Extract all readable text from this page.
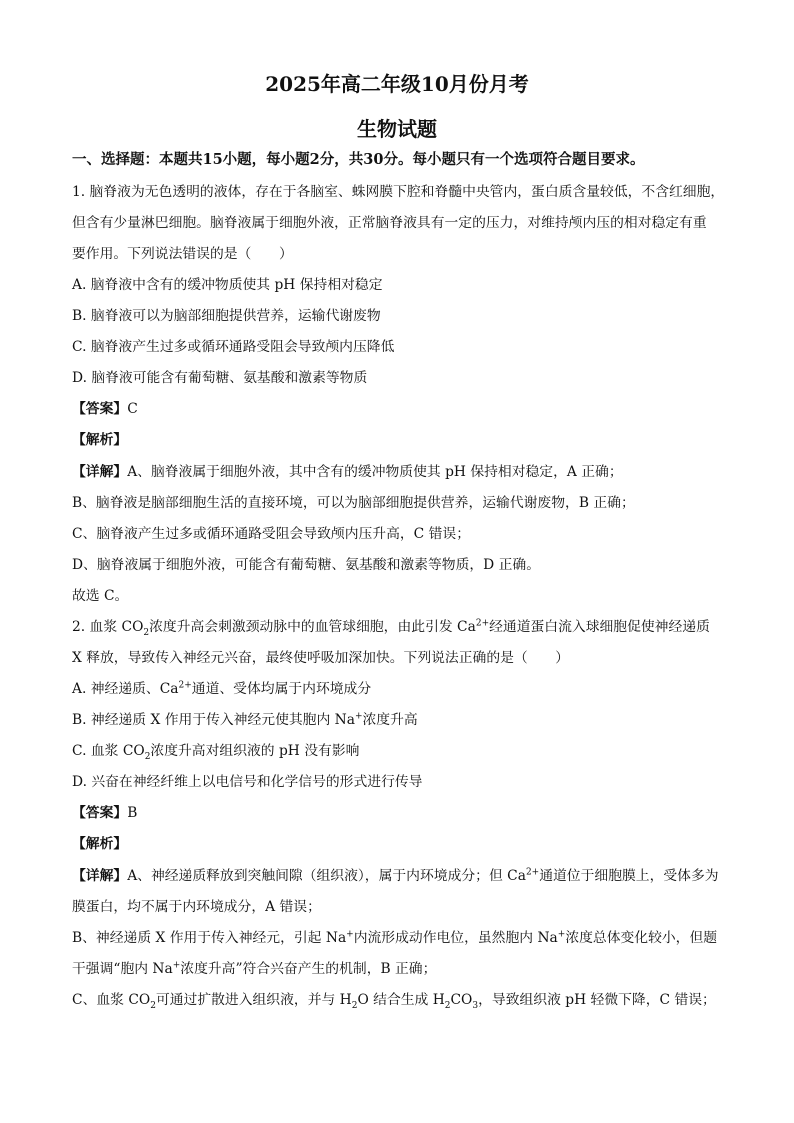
2025年高二年级10月份月考
生物试题
一、选择题：本题共15小题，每小题2分，共30分。每小题只有一个选项符合题目要求。
1. 脑脊液为无色透明的液体，存在于各脑室、蛛网膜下腔和脊髓中央管内，蛋白质含量较低，不含红细胞，
但含有少量淋巴细胞。脑脊液属于细胞外液，正常脑脊液具有一定的压力，对维持颅内压的相对稳定有重
要作用。下列说法错误的是（　　）
A. 脑脊液中含有的缓冲物质使其 pH 保持相对稳定
B. 脑脊液可以为脑部细胞提供营养，运输代谢废物
C. 脑脊液产生过多或循环通路受阻会导致颅内压降低
D. 脑脊液可能含有葡萄糖、氨基酸和激素等物质
【答案】C
【解析】
【详解】A、脑脊液属于细胞外液，其中含有的缓冲物质使其 pH 保持相对稳定，A 正确；
B、脑脊液是脑部细胞生活的直接环境，可以为脑部细胞提供营养，运输代谢废物，B 正确；
C、脑脊液产生过多或循环通路受阻会导致颅内压升高，C 错误；
D、脑脊液属于细胞外液，可能含有葡萄糖、氨基酸和激素等物质，D 正确。
故选 C。
2. 血浆 $CO_2$浓度升高会刺激颈动脉中的血管球细胞，由此引发 $Ca^{2+}$经通道蛋白流入球细胞促使神经递质
X 释放，导致传入神经元兴奋，最终使呼吸加深加快。下列说法正确的是（　　）
A. 神经递质、$Ca^{2+}$通道、受体均属于内环境成分
B. 神经递质 X 作用于传入神经元使其胞内 Na+浓度升高
C. 血浆 $CO_2$浓度升高对组织液的 pH 没有影响
D. 兴奋在神经纤维上以电信号和化学信号的形式进行传导
【答案】B
【解析】
【详解】A、神经递质释放到突触间隙（组织液），属于内环境成分；但 $Ca^{2+}$通道位于细胞膜上，受体多为
膜蛋白，均不属于内环境成分，A 错误；
B、神经递质 X 作用于传入神经元，引起 Na+内流形成动作电位，虽然胞内 Na+浓度总体变化较小，但题
干强调“胞内 Na+浓度升高”符合兴奋产生的机制，B 正确；
C、血浆 $CO_2$可通过扩散进入组织液，并与 $H_2O$ 结合生成 $H_2CO_3$，导致组织液 pH 轻微下降，C 错误；
